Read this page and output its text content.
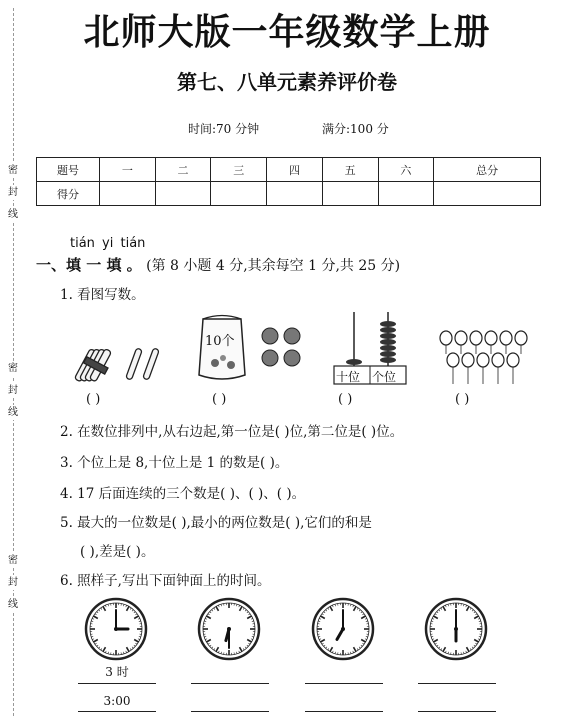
密
封
线
密
封
线
密
封
线
北师大版一年级数学上册
第七、八单元素养评价卷
时间:70 分钟	满分:100 分
题号	一	二	三	四	五	六	总分
得分							
tián yi tián
一、填 一 填 。 (第 8 小题 4 分,其余每空 1 分,共 25 分)
1. 看图写数。
10个
十位 个位
( )	( )	( )	( )
2. 在数位排列中,从右边起,第一位是( )位,第二位是( )位。
3. 个位上是 8,十位上是 1 的数是( )。
4. 17 后面连续的三个数是( )、( )、( )。
5. 最大的一位数是( ),最小的两位数是( ),它们的和是
( ),差是( )。
6. 照样子,写出下面钟面上的时间。
3 时
3:00
